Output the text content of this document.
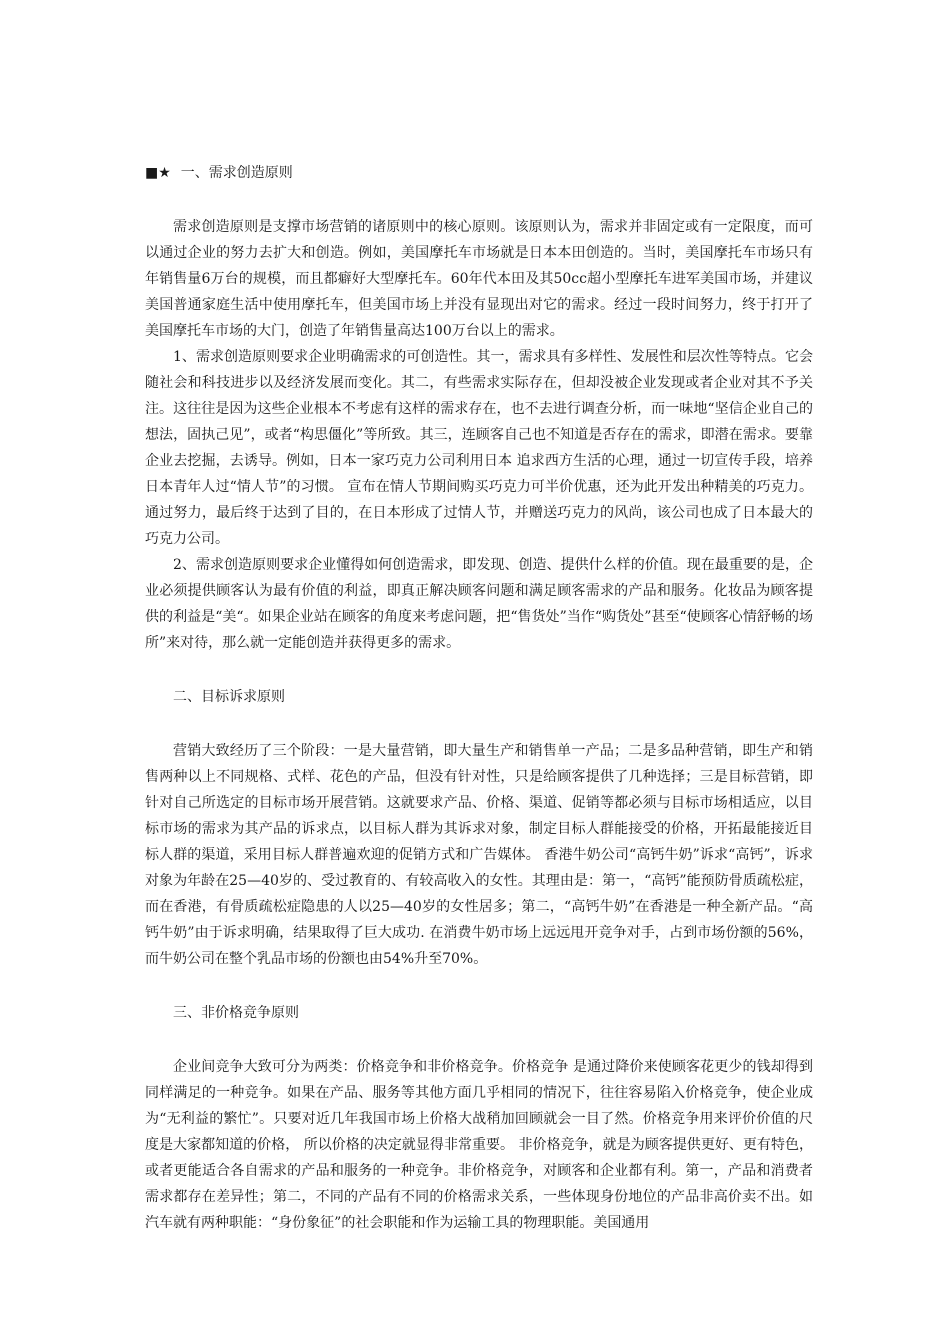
■★ 一、需求创造原则

需求创造原则是支撑市场营销的诸原则中的核心原则。该原则认为，需求并非固定或有一定限度，而可以通过企业的努力去扩大和创造。例如，美国摩托车市场就是日本本田创造的。当时，美国摩托车市场只有年销售量6万台的规模，而且都癖好大型摩托车。60年代本田及其50cc超小型摩托车进军美国市场，并建议美国普通家庭生活中使用摩托车，但美国市场上并没有显现出对它的需求。经过一段时间努力，终于打开了美国摩托车市场的大门，创造了年销售量高达100万台以上的需求。

1、需求创造原则要求企业明确需求的可创造性。其一，需求具有多样性、发展性和层次性等特点。它会随社会和科技进步以及经济发展而变化。其二，有些需求实际存在，但却没被企业发现或者企业对其不予关注。这往往是因为这些企业根本不考虑有这样的需求存在，也不去进行调查分析，而一味地“坚信企业自己的想法，固执己见”，或者“构思僵化”等所致。其三，连顾客自己也不知道是否存在的需求，即潜在需求。要靠企业去挖掘，去诱导。例如，日本一家巧克力公司利用日本 追求西方生活的心理，通过一切宣传手段，培养日本青年人过“情人节”的习惯。 宣布在情人节期间购买巧克力可半价优惠，还为此开发出种精美的巧克力。通过努力，最后终于达到了目的，在日本形成了过情人节，并赠送巧克力的风尚，该公司也成了日本最大的巧克力公司。

2、需求创造原则要求企业懂得如何创造需求，即发现、创造、提供什么样的价值。现在最重要的是，企业必须提供顾客认为最有价值的利益，即真正解决顾客问题和满足顾客需求的产品和服务。化妆品为顾客提供的利益是“美“。如果企业站在顾客的角度来考虑问题，把“售货处”当作“购货处”甚至“使顾客心情舒畅的场所”来对待，那么就一定能创造并获得更多的需求。

二、目标诉求原则

营销大致经历了三个阶段：一是大量营销，即大量生产和销售单一产品；二是多品种营销，即生产和销售两种以上不同规格、式样、花色的产品，但没有针对性，只是给顾客提供了几种选择；三是目标营销，即针对自己所选定的目标市场开展营销。这就要求产品、价格、渠道、促销等都必须与目标市场相适应，以目标市场的需求为其产品的诉求点，以目标人群为其诉求对象，制定目标人群能接受的价格，开拓最能接近目标人群的渠道，采用目标人群普遍欢迎的促销方式和广告媒体。 香港牛奶公司“高钙牛奶”诉求“高钙”，诉求对象为年龄在25—40岁的、受过教育的、有较高收入的女性。其理由是：第一，“高钙”能预防骨质疏松症，而在香港，有骨质疏松症隐患的人以25—40岁的女性居多；第二，“高钙牛奶”在香港是一种全新产品。“高钙牛奶”由于诉求明确，结果取得了巨大成功. 在消费牛奶市场上远远甩开竞争对手，占到市场份额的56%，而牛奶公司在整个乳品市场的份额也由54%升至70%。

三、非价格竞争原则

企业间竞争大致可分为两类：价格竞争和非价格竞争。价格竞争 是通过降价来使顾客花更少的钱却得到同样满足的一种竞争。如果在产品、服务等其他方面几乎相同的情况下，往往容易陷入价格竞争，使企业成为“无利益的繁忙”。只要对近几年我国市场上价格大战稍加回顾就会一目了然。价格竞争用来评价价值的尺度是大家都知道的价格， 所以价格的决定就显得非常重要。 非价格竞争，就是为顾客提供更好、更有特色，或者更能适合各自需求的产品和服务的一种竞争。非价格竞争，对顾客和企业都有利。第一，产品和消费者需求都存在差异性；第二，不同的产品有不同的价格需求关系，一些体现身份地位的产品非高价卖不出。如汽车就有两种职能：“身份象征”的社会职能和作为运输工具的物理职能。美国通用
